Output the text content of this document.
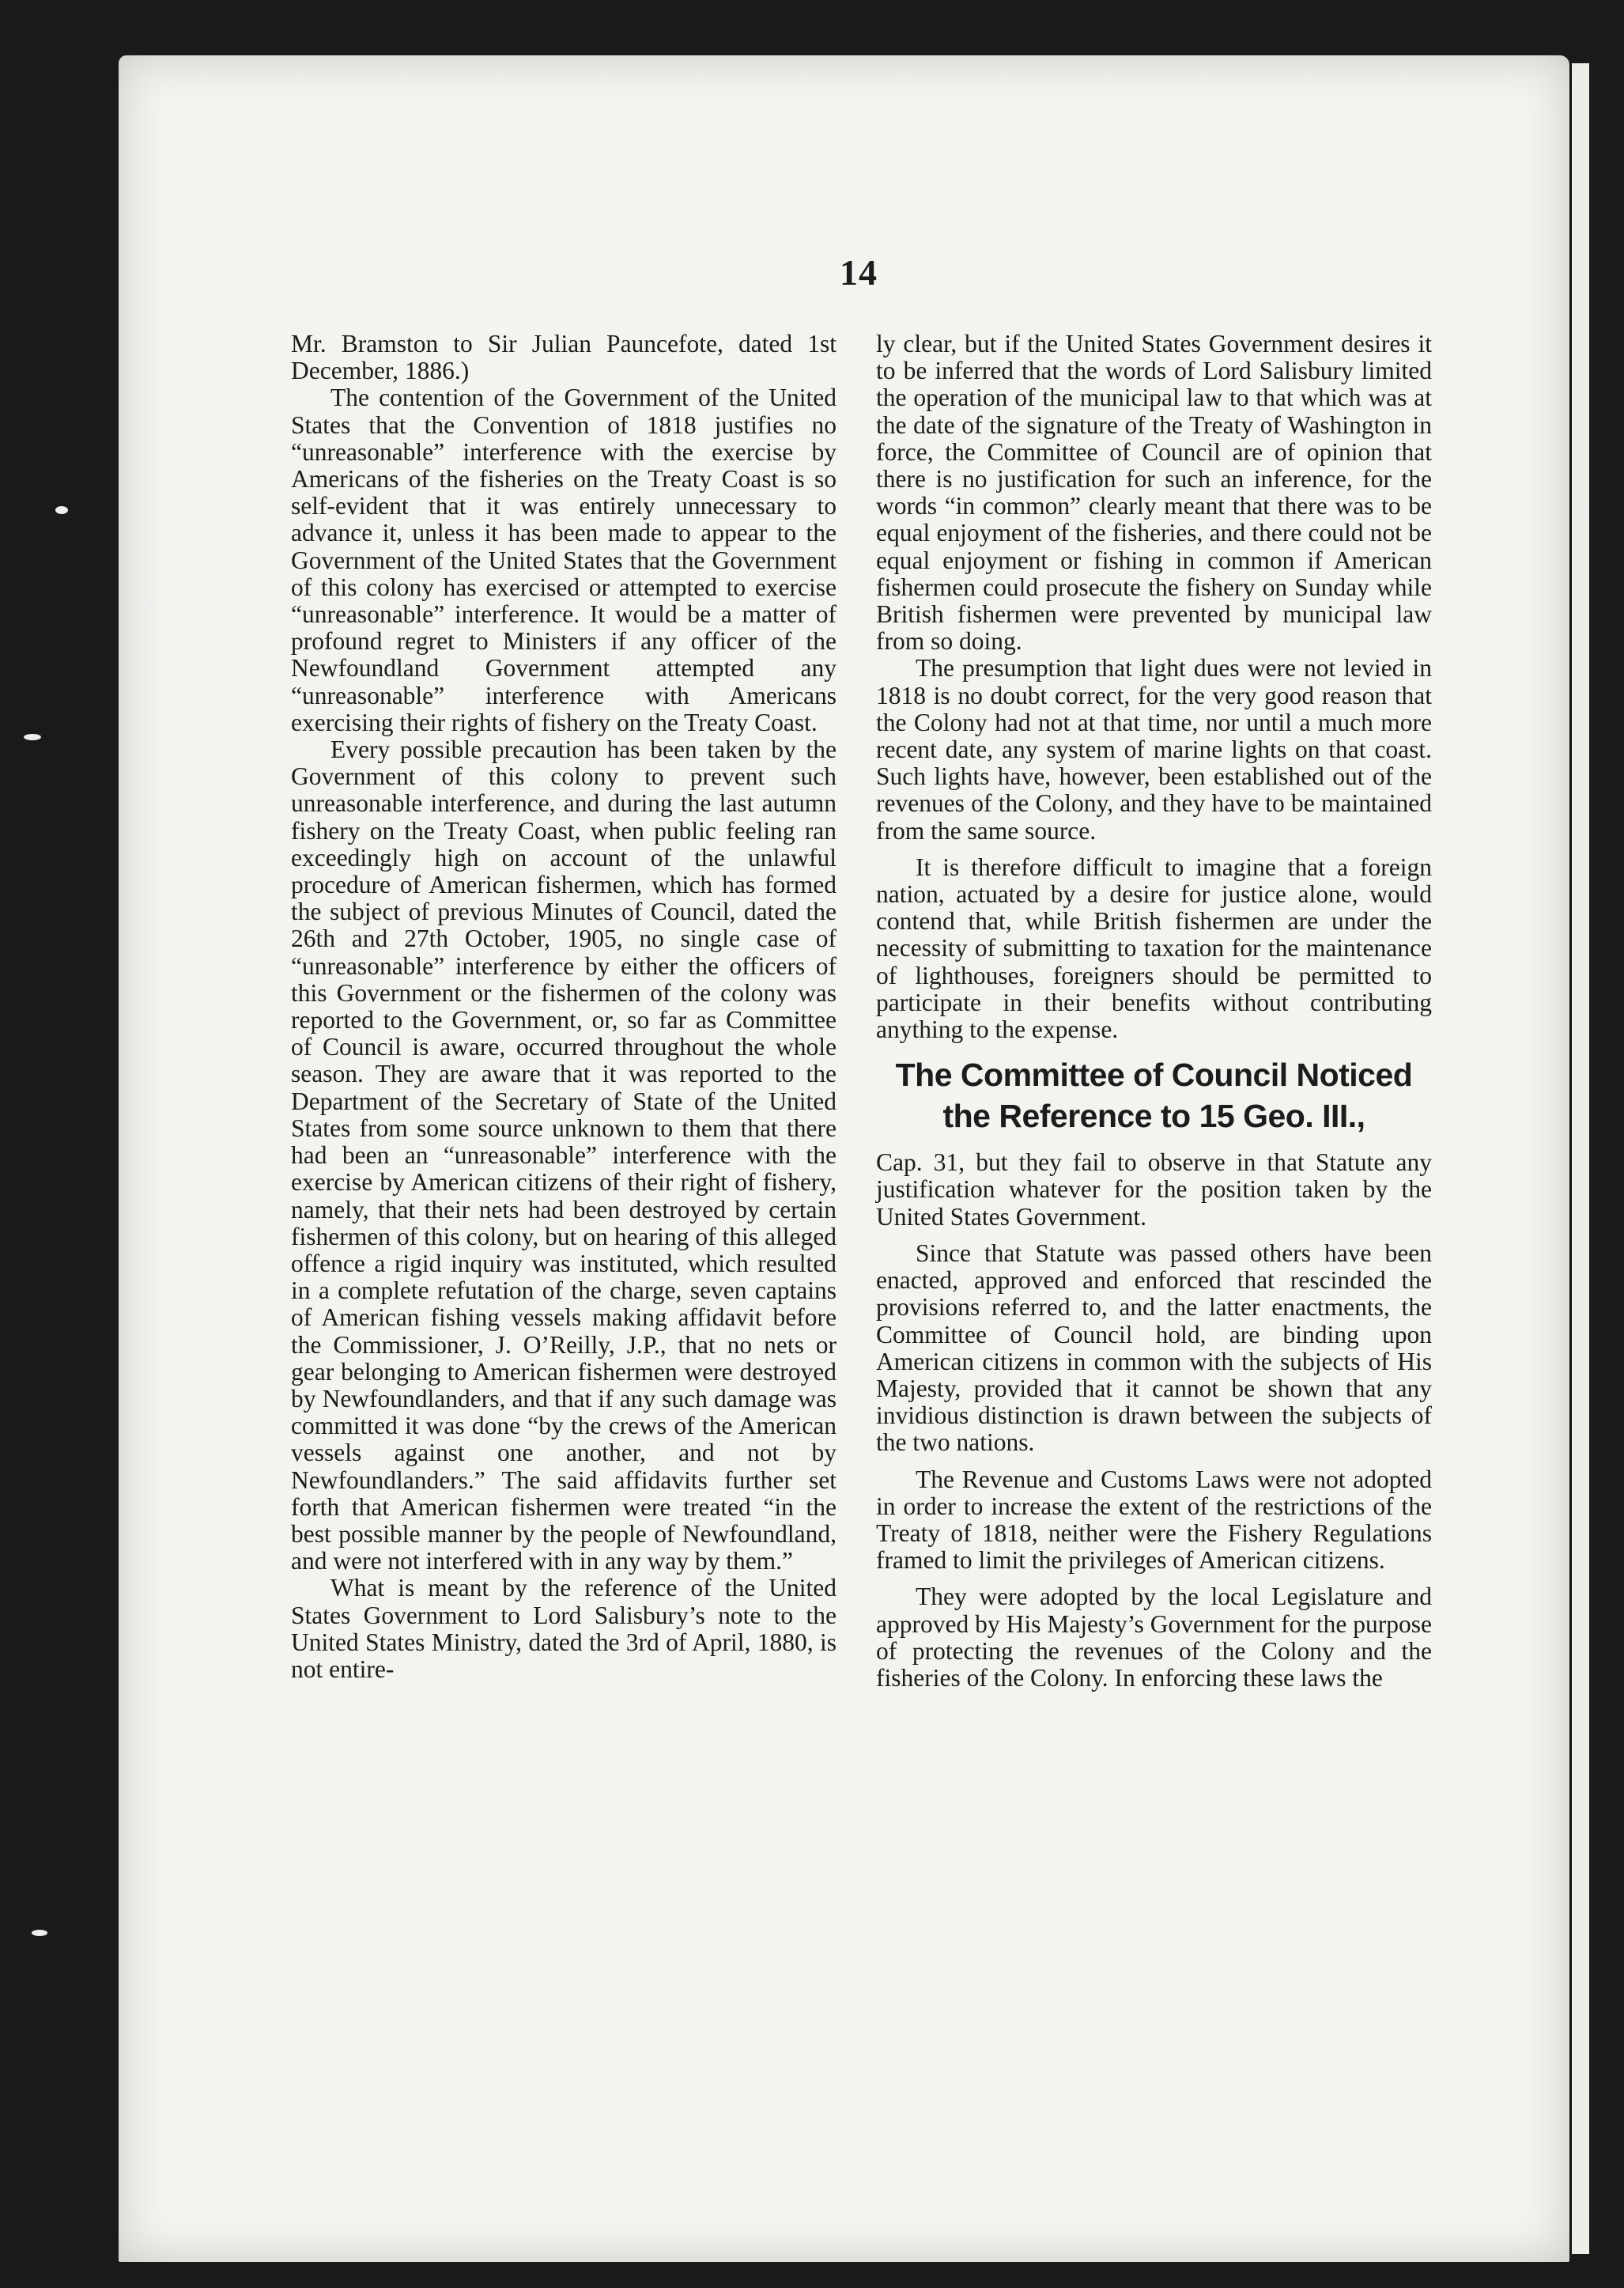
14

Mr. Bramston to Sir Julian Pauncefote, dated 1st December, 1886.)

The contention of the Government of the United States that the Convention of 1818 justifies no “unreasonable” interference with the exercise by Americans of the fisheries on the Treaty Coast is so self-evident that it was entirely unnecessary to advance it, unless it has been made to appear to the Government of the United States that the Government of this colony has exercised or attempted to exercise “unreasonable” interference. It would be a matter of profound regret to Ministers if any officer of the Newfoundland Government attempted any “unreasonable” interference with Americans exercising their rights of fishery on the Treaty Coast.

Every possible precaution has been taken by the Government of this colony to prevent such unreasonable interference, and during the last autumn fishery on the Treaty Coast, when public feeling ran exceedingly high on account of the unlawful procedure of American fishermen, which has formed the subject of previous Minutes of Council, dated the 26th and 27th October, 1905, no single case of “unreasonable” interference by either the officers of this Government or the fishermen of the colony was reported to the Government, or, so far as Committee of Council is aware, occurred throughout the whole season. They are aware that it was reported to the Department of the Secretary of State of the United States from some source unknown to them that there had been an “unreasonable” interference with the exercise by American citizens of their right of fishery, namely, that their nets had been destroyed by certain fishermen of this colony, but on hearing of this alleged offence a rigid inquiry was instituted, which resulted in a complete refutation of the charge, seven captains of American fishing vessels making affidavit before the Commissioner, J. O’Reilly, J.P., that no nets or gear belonging to American fishermen were destroyed by Newfoundlanders, and that if any such damage was committed it was done “by the crews of the American vessels against one another, and not by Newfoundlanders.” The said affidavits further set forth that American fishermen were treated “in the best possible manner by the people of Newfoundland, and were not interfered with in any way by them.”

What is meant by the reference of the United States Government to Lord Salisbury’s note to the United States Ministry, dated the 3rd of April, 1880, is not entire-

ly clear, but if the United States Government desires it to be inferred that the words of Lord Salisbury limited the operation of the municipal law to that which was at the date of the signature of the Treaty of Washington in force, the Committee of Council are of opinion that there is no justification for such an inference, for the words “in common” clearly meant that there was to be equal enjoyment of the fisheries, and there could not be equal enjoyment or fishing in common if American fishermen could prosecute the fishery on Sunday while British fishermen were prevented by municipal law from so doing.

The presumption that light dues were not levied in 1818 is no doubt correct, for the very good reason that the Colony had not at that time, nor until a much more recent date, any system of marine lights on that coast. Such lights have, however, been established out of the revenues of the Colony, and they have to be maintained from the same source.

It is therefore difficult to imagine that a foreign nation, actuated by a desire for justice alone, would contend that, while British fishermen are under the necessity of submitting to taxation for the maintenance of lighthouses, foreigners should be permitted to participate in their benefits without contributing anything to the expense.

The Committee of Council Noticed
the Reference to 15 Geo. III.,

Cap. 31, but they fail to observe in that Statute any justification whatever for the position taken by the United States Government.

Since that Statute was passed others have been enacted, approved and enforced that rescinded the provisions referred to, and the latter enactments, the Committee of Council hold, are binding upon American citizens in common with the subjects of His Majesty, provided that it cannot be shown that any invidious distinction is drawn between the subjects of the two nations.

The Revenue and Customs Laws were not adopted in order to increase the extent of the restrictions of the Treaty of 1818, neither were the Fishery Regulations framed to limit the privileges of American citizens.

They were adopted by the local Legislature and approved by His Majesty’s Government for the purpose of protecting the revenues of the Colony and the fisheries of the Colony. In enforcing these laws the
